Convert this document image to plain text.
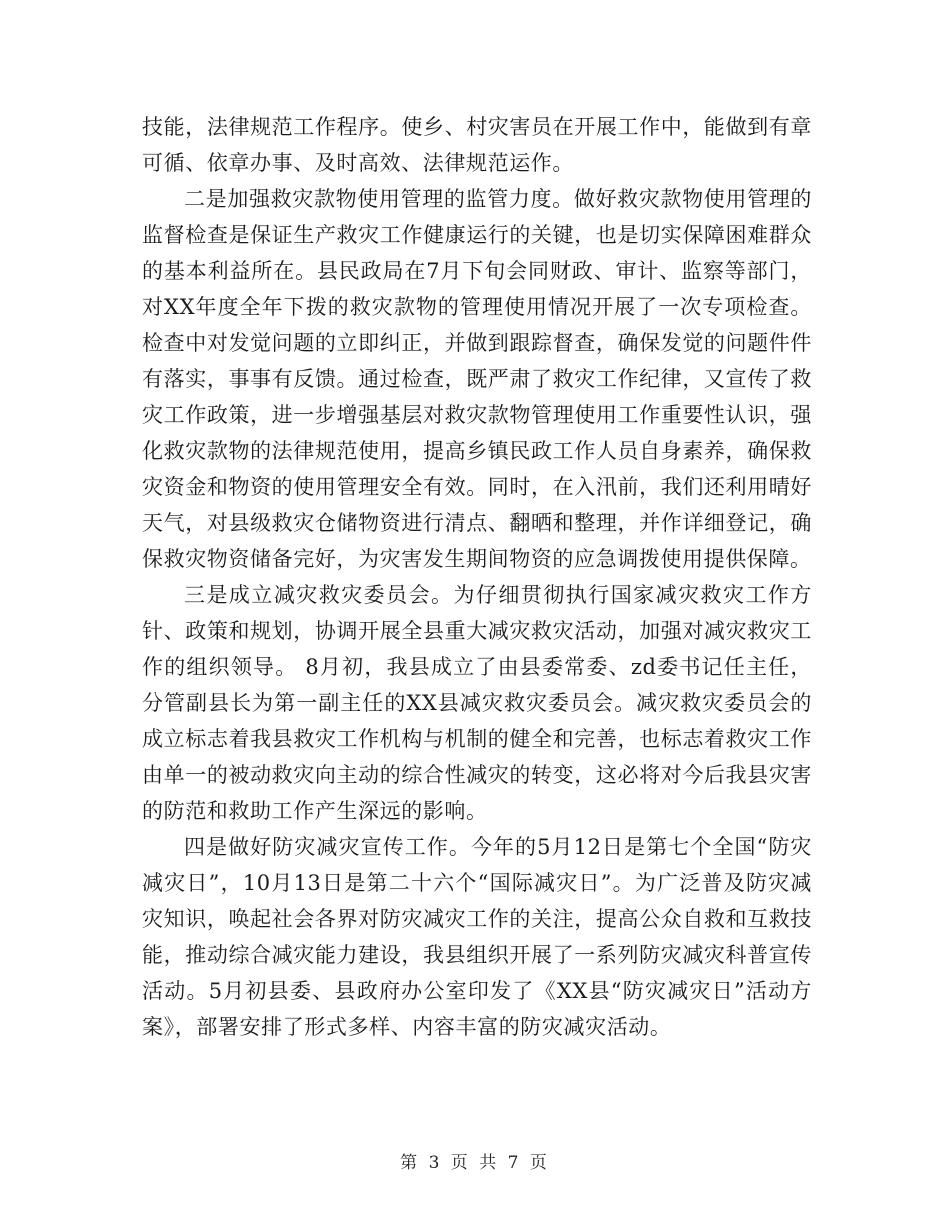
技能，法律规范工作程序。使乡、村灾害员在开展工作中，能做到有章可循、依章办事、及时高效、法律规范运作。

二是加强救灾款物使用管理的监管力度。做好救灾款物使用管理的监督检查是保证生产救灾工作健康运行的关键，也是切实保障困难群众的基本利益所在。县民政局在7月下旬会同财政、审计、监察等部门，对XX年度全年下拨的救灾款物的管理使用情况开展了一次专项检查。检查中对发觉问题的立即纠正，并做到跟踪督查，确保发觉的问题件件有落实，事事有反馈。通过检查，既严肃了救灾工作纪律，又宣传了救灾工作政策，进一步增强基层对救灾款物管理使用工作重要性认识，强化救灾款物的法律规范使用，提高乡镇民政工作人员自身素养，确保救灾资金和物资的使用管理安全有效。同时，在入汛前，我们还利用晴好天气，对县级救灾仓储物资进行清点、翻晒和整理，并作详细登记，确保救灾物资储备完好，为灾害发生期间物资的应急调拨使用提供保障。

三是成立减灾救灾委员会。为仔细贯彻执行国家减灾救灾工作方针、政策和规划，协调开展全县重大减灾救灾活动，加强对减灾救灾工作的组织领导。 8月初，我县成立了由县委常委、zd委书记任主任，分管副县长为第一副主任的XX县减灾救灾委员会。减灾救灾委员会的成立标志着我县救灾工作机构与机制的健全和完善，也标志着救灾工作由单一的被动救灾向主动的综合性减灾的转变，这必将对今后我县灾害的防范和救助工作产生深远的影响。

四是做好防灾减灾宣传工作。今年的5月12日是第七个全国“防灾减灾日”，10月13日是第二十六个“国际减灾日”。为广泛普及防灾减灾知识，唤起社会各界对防灾减灾工作的关注，提高公众自救和互救技能，推动综合减灾能力建设，我县组织开展了一系列防灾减灾科普宣传活动。5月初县委、县政府办公室印发了《XX县“防灾减灾日”活动方案》，部署安排了形式多样、内容丰富的防灾减灾活动。

第 3 页 共 7 页
